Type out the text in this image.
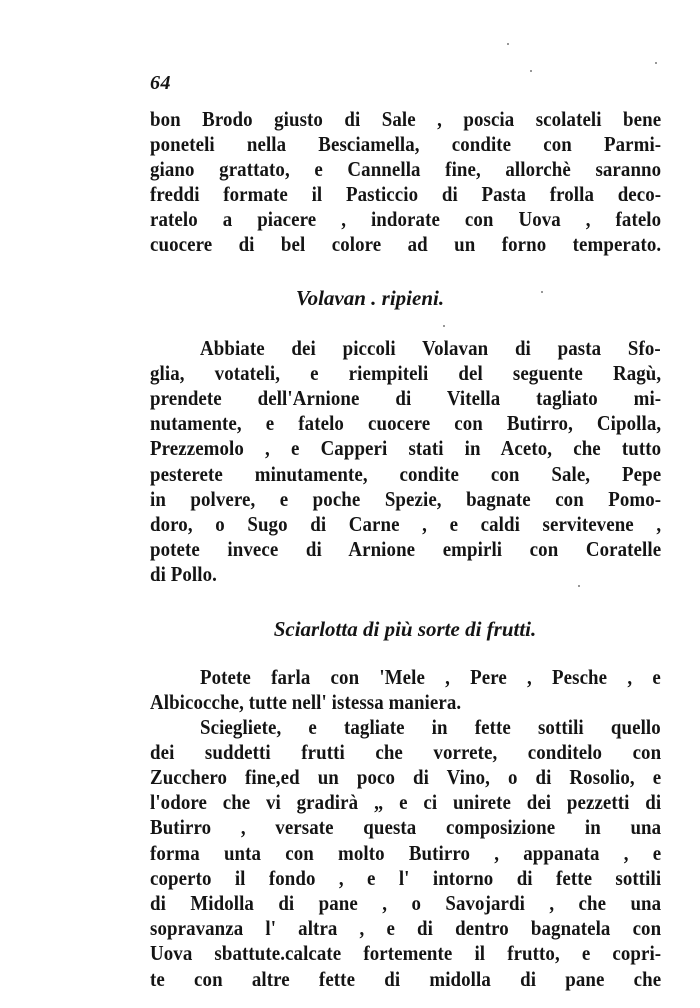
64
bon Brodo giusto di Sale , poscia scolateli bene
poneteli nella Besciamella, condite con Parmi-
giano grattato, e Cannella fine, allorchè saranno
freddi formate il Pasticcio di Pasta frolla deco-
ratelo a piacere , indorate con Uova , fatelo
cuocere di bel colore ad un forno temperato.
Volavan . ripieni.
Abbiate dei piccoli Volavan di pasta Sfo-
glia, votateli, e riempiteli del seguente Ragù,
prendete dell'Arnione di Vitella tagliato mi-
nutamente, e fatelo cuocere con Butirro, Cipolla,
Prezzemolo , e Capperi stati in Aceto, che tutto
pesterete minutamente, condite con Sale, Pepe
in polvere, e poche Spezie, bagnate con Pomo-
doro, o Sugo di Carne , e caldi servitevene ,
potete invece di Arnione empirli con Coratelle
di Pollo.
Sciarlotta di più sorte di frutti.
Potete farla con 'Mele , Pere , Pesche , e
Albicocche, tutte nell' istessa maniera.
Sciegliete, e tagliate in fette sottili quello
dei suddetti frutti che vorrete, conditelo con
Zucchero fine,ed un poco di Vino, o di Rosolio, e
l'odore che vi gradirà „ e ci unirete dei pezzetti di
Butirro , versate questa composizione in una
forma unta con molto Butirro , appanata , e
coperto il fondo , e l' intorno di fette sottili
di Midolla di pane , o Savojardi , che una
sopravanza l' altra , e di dentro bagnatela con
Uova sbattute.calcate fortemente il frutto, e copri-
te con altre fette di midolla di pane che
